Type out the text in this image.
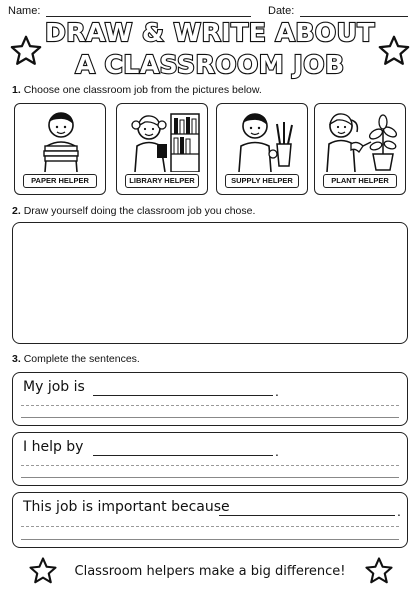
Name:	Date:
DRAW & WRITE ABOUT
A CLASSROOM JOB
1. Choose one classroom job from the pictures below.
PAPER HELPER	LIBRARY HELPER	SUPPLY HELPER	PLANT HELPER
2. Draw yourself doing the classroom job you chose.
3. Complete the sentences.
My job is	.
I help by	.
This job is important because	.
Classroom helpers make a big difference!
